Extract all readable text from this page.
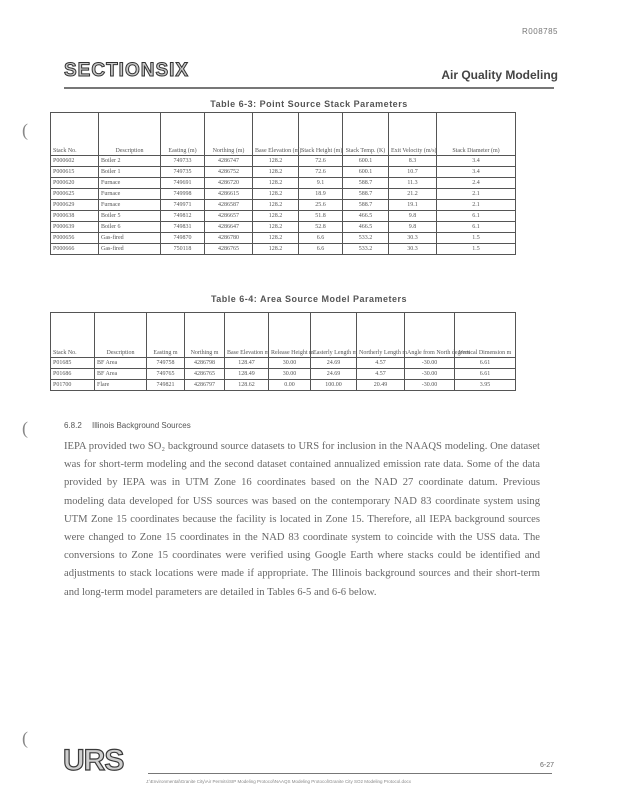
R008785
SECTIONSIX	Air Quality Modeling
(
(
(
Table 6-3: Point Source Stack Parameters
Stack No.	Description	Easting (m)	Northing (m)	Base Elevation (m)	Stack Height (m)	Stack Temp. (K)	Exit Velocity (m/s)	Stack Diameter (m)
P000602	Boiler 2	749733	4286747	128.2	72.6	600.1	8.3	3.4
P000615	Boiler 1	749735	4286752	128.2	72.6	600.1	10.7	3.4
P000620	Furnace	749691	4286720	128.2	9.1	588.7	11.3	2.4
P000625	Furnace	749998	4286615	128.2	18.9	588.7	21.2	2.1
P000629	Furnace	749971	4286587	128.2	25.6	588.7	19.1	2.1
P000638	Boiler 5	749812	4286657	128.2	51.8	466.5	9.8	6.1
P000639	Boiler 6	749831	4286647	128.2	52.8	466.5	9.8	6.1
P000656	Gas-fired	749870	4286780	128.2	6.6	533.2	30.3	1.5
P000666	Gas-fired	750118	4286765	128.2	6.6	533.2	30.3	1.5
Table 6-4: Area Source Model Parameters
Stack No.	Description	Easting m	Northing m	Base Elevation m	Release Height m	Easterly Length m	Northerly Length m	Angle from North degrees	Vertical Dimension m
P01685	BF Area	749758	4286798	128.47	30.00	24.69	4.57	-30.00	6.61
P01686	BF Area	749765	4286765	128.49	30.00	24.69	4.57	-30.00	6.61
P01700	Flare	749821	4286797	128.62	0.00	100.00	20.49	-30.00	3.95
6.8.2 Illinois Background Sources
IEPA provided two SO₂ background source datasets to URS for inclusion in the NAAQS modeling. One dataset was for short-term modeling and the second dataset contained annualized emission rate data. Some of the data provided by IEPA was in UTM Zone 16 coordinates based on the NAD 27 coordinate datum. Previous modeling data developed for USS sources was based on the contemporary NAD 83 coordinate system using UTM Zone 15 coordinates because the facility is located in Zone 15. Therefore, all IEPA background sources were changed to Zone 15 coordinates in the NAD 83 coordinate system to coincide with the USS data. The conversions to Zone 15 coordinates were verified using Google Earth where stacks could be identified and adjustments to stack locations were made if appropriate. The Illinois background sources and their short-term and long-term model parameters are detailed in Tables 6-5 and 6-6 below.
URS	6-27
J:\Environmental\Granite City\Air Permits\SIP Modeling Protocol\NAAQS Modeling Protocol\Granite City SO2 Modeling Protocol.docx
